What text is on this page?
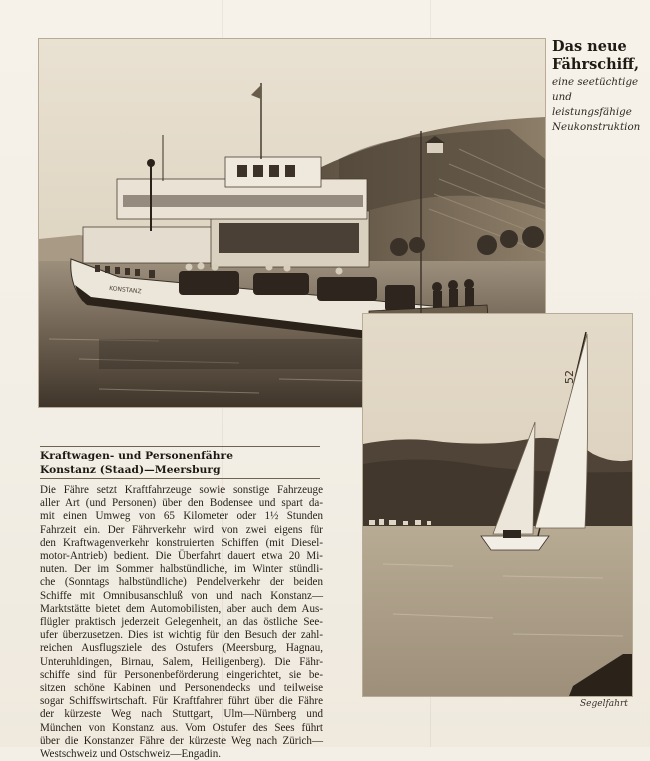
KONSTANZ
Das neue
Fährschiff,
eine seetüchtige
und leistungsfähige
Neukonstruktion
52
Kraftwagen- und Personenfähre
Konstanz (Staad)—Meersburg
Die Fähre setzt Kraftfahrzeuge sowie sonstige Fahrzeuge
aller Art (und Personen) über den Bodensee und spart da-
mit einen Umweg von 65 Kilometer oder 1½ Stunden
Fahrzeit ein. Der Fährverkehr wird von zwei eigens für
den Kraftwagenverkehr konstruierten Schiffen (mit Diesel-
motor-Antrieb) bedient. Die Überfahrt dauert etwa 20 Mi-
nuten. Der im Sommer halbstündliche, im Winter stündli-
che (Sonntags halbstündliche) Pendelverkehr der beiden
Schiffe mit Omnibusanschluß von und nach Konstanz—
Marktstätte bietet dem Automobilisten, aber auch dem Aus-
flügler praktisch jederzeit Gelegenheit, an das östliche See-
ufer überzusetzen. Dies ist wichtig für den Besuch der zahl-
reichen Ausflugsziele des Ostufers (Meersburg, Hagnau,
Unteruhldingen, Birnau, Salem, Heiligenberg). Die Fähr-
schiffe sind für Personenbeförderung eingerichtet, sie be-
sitzen schöne Kabinen und Personendecks und teilweise
sogar Schiffswirtschaft. Für Kraftfahrer führt über die Fähre
der kürzeste Weg nach Stuttgart, Ulm—Nürnberg und
München von Konstanz aus. Vom Ostufer des Sees führt
über die Konstanzer Fähre der kürzeste Weg nach Zürich—
Westschweiz und Ostschweiz—Engadin.
Segelfahrt
